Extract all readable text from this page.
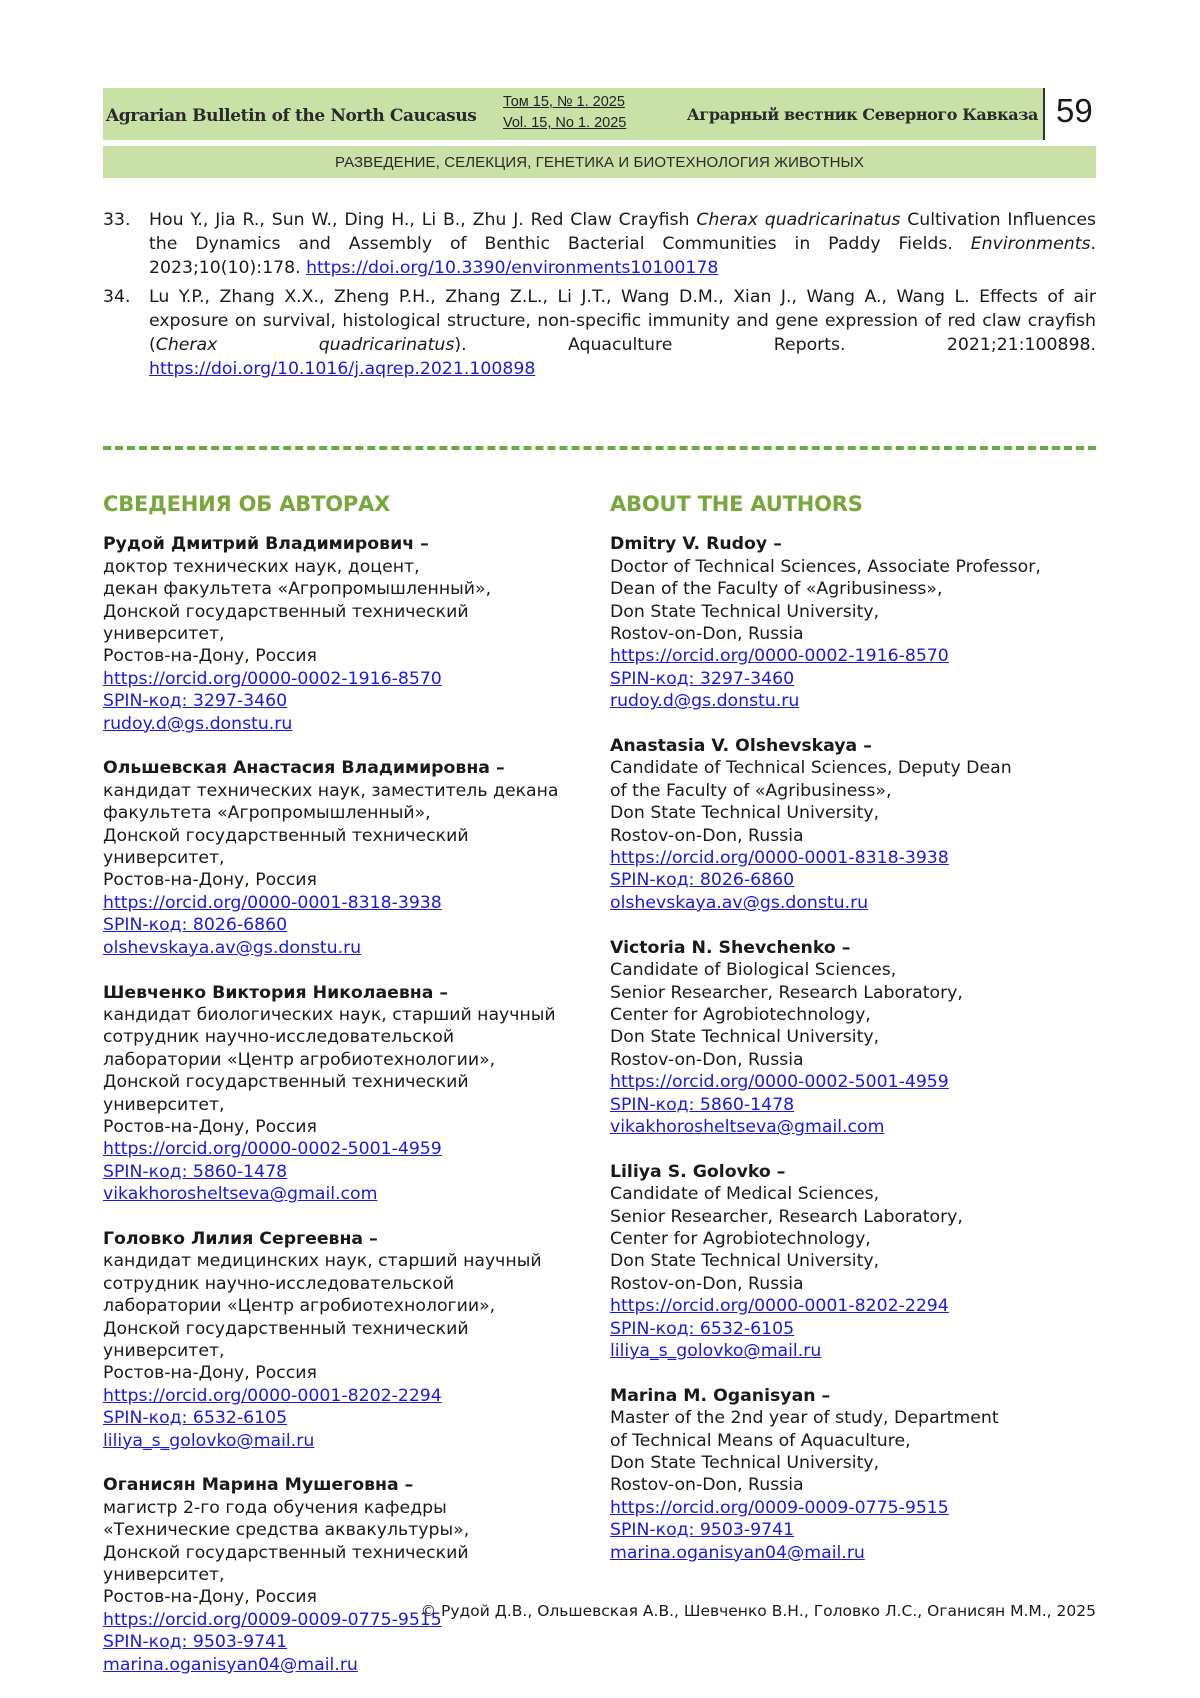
Agrarian Bulletin of the North Caucasus
Том 15, № 1. 2025
Vol. 15, No 1. 2025	Аграрный вестник Северного Кавказа 59
РАЗВЕДЕНИЕ, СЕЛЕКЦИЯ, ГЕНЕТИКА И БИОТЕХНОЛОГИЯ ЖИВОТНЫХ
33. Hou Y., Jia R., Sun W., Ding H., Li B., Zhu J. Red Claw Crayfish Cherax quadricarinatus Cultivation Influences the Dynamics and Assembly of Benthic Bacterial Communities in Paddy Fields. Environments. 2023;10(10):178. https://doi.org/10.3390/environments10100178
34. Lu Y.P., Zhang X.X., Zheng P.H., Zhang Z.L., Li J.T., Wang D.M., Xian J., Wang A., Wang L. Effects of air exposure on survival, histological structure, non-specific immunity and gene expression of red claw crayfish (Cherax quadricarinatus). Aquaculture Reports. 2021;21:100898. https://doi.org/10.1016/j.aqrep.2021.100898
СВЕДЕНИЯ ОБ АВТОРАХ
Рудой Дмитрий Владимирович –
доктор технических наук, доцент,
декан факультета «Агропромышленный»,
Донской государственный технический университет,
Ростов-на-Дону, Россия
https://orcid.org/0000-0002-1916-8570
SPIN-код: 3297-3460
rudoy.d@gs.donstu.ru
Ольшевская Анастасия Владимировна –
кандидат технических наук, заместитель декана
факультета «Агропромышленный»,
Донской государственный технический университет,
Ростов-на-Дону, Россия
https://orcid.org/0000-0001-8318-3938
SPIN-код: 8026-6860
olshevskaya.av@gs.donstu.ru
Шевченко Виктория Николаевна –
кандидат биологических наук, старший научный
сотрудник научно-исследовательской
лаборатории «Центр агробиотехнологии»,
Донской государственный технический университет,
Ростов-на-Дону, Россия
https://orcid.org/0000-0002-5001-4959
SPIN-код: 5860-1478
vikakhorosheltseva@gmail.com
Головко Лилия Сергеевна –
кандидат медицинских наук, старший научный
сотрудник научно-исследовательской
лаборатории «Центр агробиотехнологии»,
Донской государственный технический университет,
Ростов-на-Дону, Россия
https://orcid.org/0000-0001-8202-2294
SPIN-код: 6532-6105
liliya_s_golovko@mail.ru
Оганисян Марина Мушеговна –
магистр 2-го года обучения кафедры
«Технические средства аквакультуры»,
Донской государственный технический университет,
Ростов-на-Дону, Россия
https://orcid.org/0009-0009-0775-9515
SPIN-код: 9503-9741
marina.oganisyan04@mail.ru
ABOUT THE AUTHORS
Dmitry V. Rudoy –
Doctor of Technical Sciences, Associate Professor,
Dean of the Faculty of «Agribusiness»,
Don State Technical University,
Rostov-on-Don, Russia
https://orcid.org/0000-0002-1916-8570
SPIN-код: 3297-3460
rudoy.d@gs.donstu.ru
Anastasia V. Olshevskaya –
Candidate of Technical Sciences, Deputy Dean
of the Faculty of «Agribusiness»,
Don State Technical University,
Rostov-on-Don, Russia
https://orcid.org/0000-0001-8318-3938
SPIN-код: 8026-6860
olshevskaya.av@gs.donstu.ru
Victoria N. Shevchenko –
Candidate of Biological Sciences,
Senior Researcher, Research Laboratory,
Center for Agrobiotechnology,
Don State Technical University,
Rostov-on-Don, Russia
https://orcid.org/0000-0002-5001-4959
SPIN-код: 5860-1478
vikakhorosheltseva@gmail.com
Liliya S. Golovko –
Candidate of Medical Sciences,
Senior Researcher, Research Laboratory,
Center for Agrobiotechnology,
Don State Technical University,
Rostov-on-Don, Russia
https://orcid.org/0000-0001-8202-2294
SPIN-код: 6532-6105
liliya_s_golovko@mail.ru
Marina M. Oganisyan –
Master of the 2nd year of study, Department
of Technical Means of Aquaculture,
Don State Technical University,
Rostov-on-Don, Russia
https://orcid.org/0009-0009-0775-9515
SPIN-код: 9503-9741
marina.oganisyan04@mail.ru
© Рудой Д.В., Ольшевская А.В., Шевченко В.Н., Головко Л.С., Оганисян М.М., 2025
